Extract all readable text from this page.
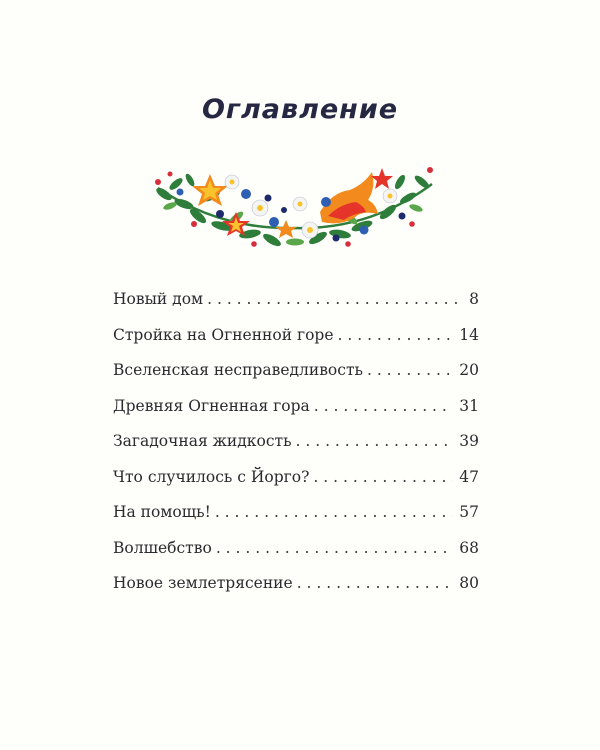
Оглавление
Новый дом . . .	8
Стройка на Огненной горе . . .	14
Вселенская несправедливость . . .	20
Древняя Огненная гора . . .	31
Загадочная жидкость . . .	39
Что случилось с Йорго? . . .	47
На помощь! . . .	57
Волшебство . . .	68
Новое землетрясение . . .	80
